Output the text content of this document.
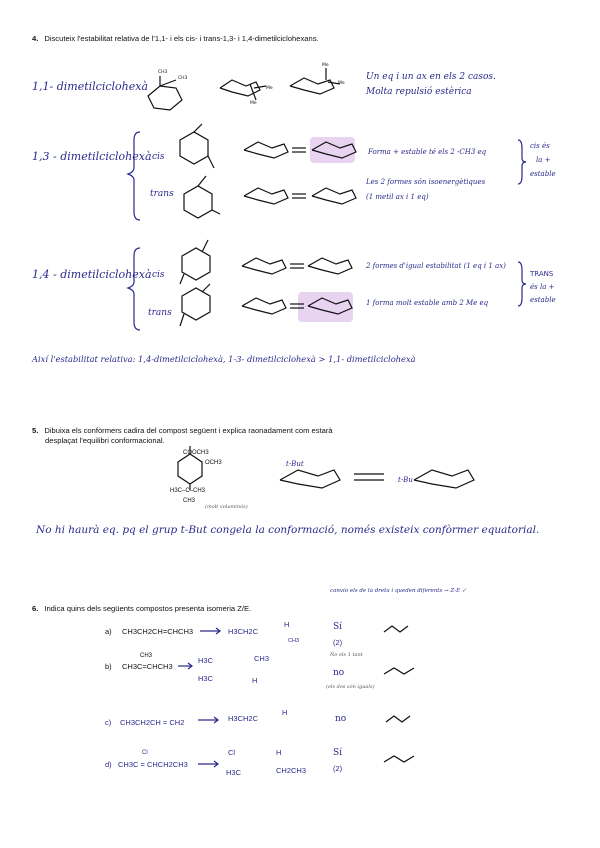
4. Discuteix l'estabilitat relativa de l'1,1- i els cis- i trans-1,3- i 1,4-dimetilciclohexans.
1,1- dimetilciclohexà
Un eq i un ax en els 2 casos.
Molta repulsió estèrica
1,3 - dimetilciclohexà cis
trans
Forma + estable té els 2 -CH3 eq
Les 2 formes són isoenergètiques
(1 metil ax i 1 eq)
cis és
la +
estable
1,4 - dimetilciclohexà cis
trans
2 formes d'igual estabilitat (1 eq i 1 ax)
1 forma molt estable amb 2 Me eq
TRANS
és la +
estable
Així l'estabilitat relativa: 1,4-dimetilciclohexà, 1-3- dimetilciclohexà > 1,1- dimetilciclohexà
5. Dibuixa els confòrmers cadira del compost següent i explica raonadament com estarà
desplaçat l'equilibri conformacional.
COOCH3
OCH3
H3C–C–CH3
CH3
(molt voluminós)
t-But
t-Bu
No hi haurà eq. pq el grup t-But congela la conformació, només existeix confòrmer equatorial.
canvio els de la dreta i queden diferents → Z-E ✓
6. Indica quins dels següents compostos presenta isomeria Z/E.
a) CH3CH2CH=CHCH3	H3CH2C
H
CH3
Sí
(2)
Ño els 1 tant
CH3
b) CH3C=CHCH3
H3C
H3C
CH3
H
no
(els dos són iguals)
c) CH3CH2CH = CH2	H3CH2C
H
no
Cl
d) CH3C = CHCH2CH3
Cl
H3C
H
CH2CH3
Sí
(2)
CH3
CH3
Me
Me
Me
Me
